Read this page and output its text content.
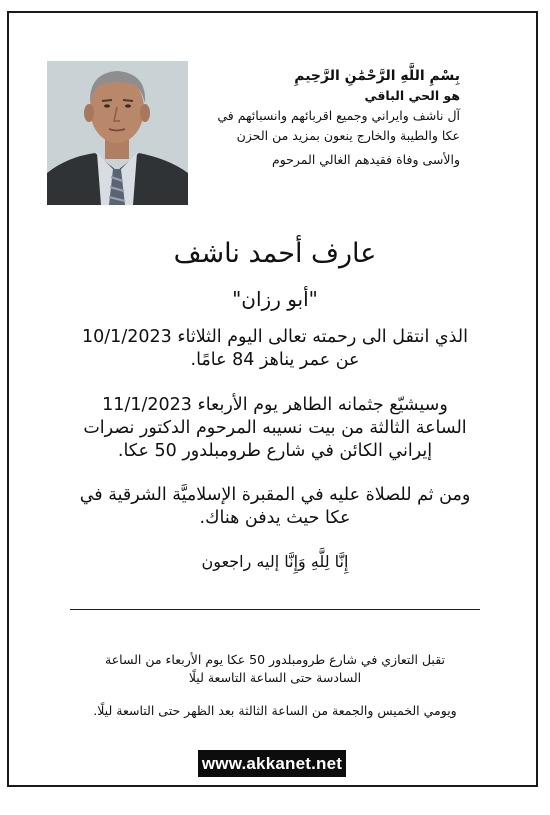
بِسْمِ اللَّهِ الرَّحْمَٰنِ الرَّحِيمِ
هو الحي الباقي
آل ناشف وايراني وجميع اقربائهم وانسبائهم في
عكا والطيبة والخارج ينعون بمزيد من الحزن
والأسى وفاة فقيدهم الغالي المرحوم
عارف أحمد ناشف
"أبو رزان"
الذي انتقل الى رحمته تعالى اليوم الثلاثاء 10/1/2023
عن عمر يناهز 84 عامًا.
وسيشيّع جثمانه الطاهر يوم الأربعاء 11/1/2023
الساعة الثالثة من بيت نسيبه المرحوم الدكتور نصرات
إيراني الكائن في شارع طرومبلدور 50 عكا.
ومن ثم للصلاة عليه في المقبرة الإسلاميَّة الشرقية في
عكا حيث يدفن هناك.
إِنَّا لِلَّهِ وَإِنَّا إليه راجعون
تقبل التعازي في شارع طرومبلدور 50 عكا يوم الأربعاء من الساعة
السادسة حتى الساعة التاسعة ليلًا
ويومي الخميس والجمعة من الساعة الثالثة بعد الظهر حتى التاسعة ليلًا.
www.akkanet.net
